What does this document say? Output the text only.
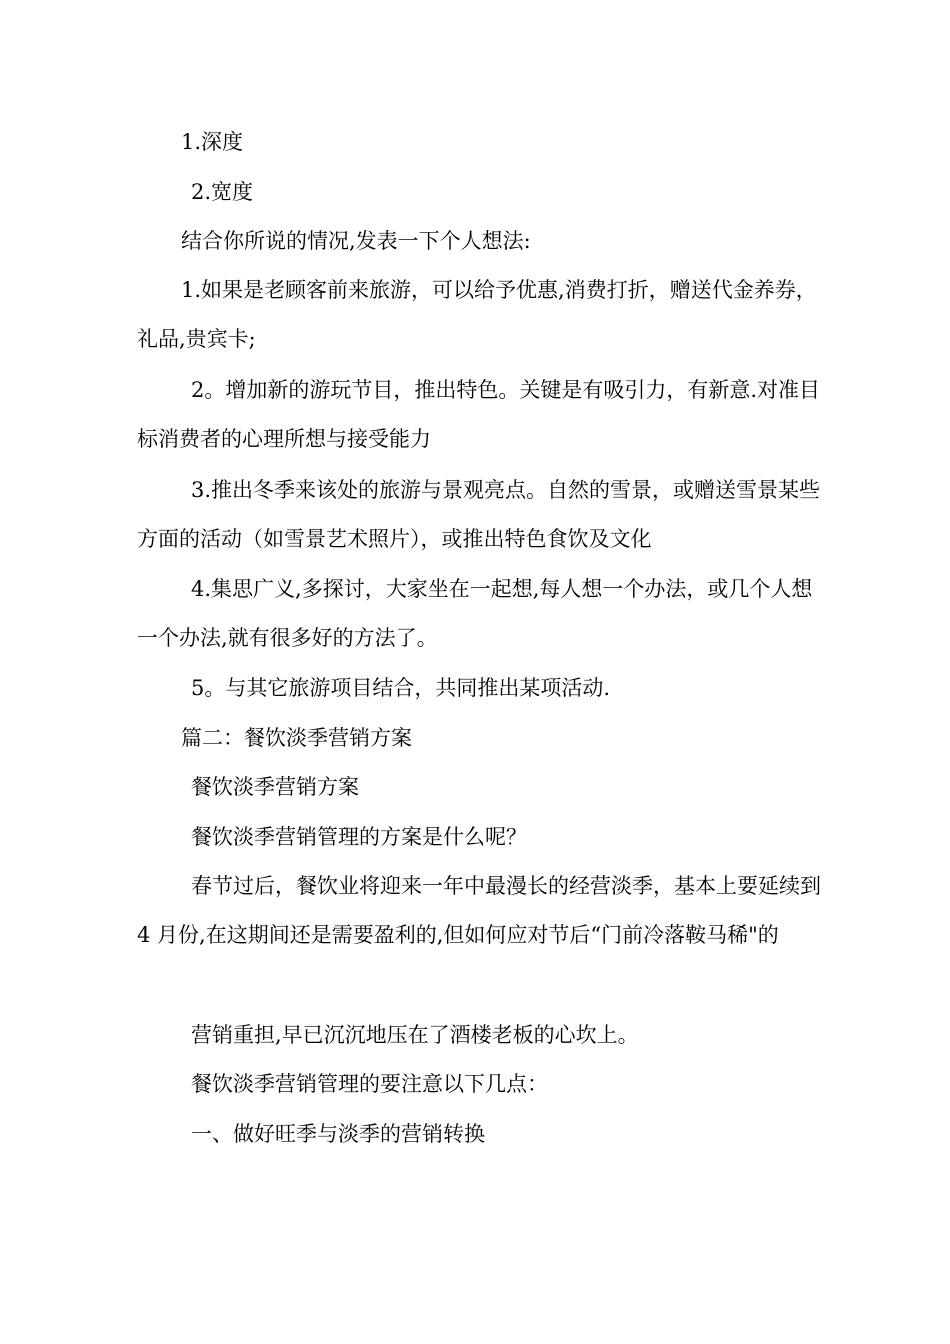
1.深度

2.宽度

结合你所说的情况,发表一下个人想法:

1.如果是老顾客前来旅游，可以给予优惠,消费打折，赠送代金养券，礼品,贵宾卡;

2。增加新的游玩节目，推出特色。关键是有吸引力，有新意.对准目标消费者的心理所想与接受能力

3.推出冬季来该处的旅游与景观亮点。自然的雪景，或赠送雪景某些方面的活动（如雪景艺术照片），或推出特色食饮及文化

4.集思广义,多探讨，大家坐在一起想,每人想一个办法，或几个人想一个办法,就有很多好的方法了。

5。与其它旅游项目结合，共同推出某项活动.

篇二：餐饮淡季营销方案

餐饮淡季营销方案

餐饮淡季营销管理的方案是什么呢？

春节过后，餐饮业将迎来一年中最漫长的经营淡季，基本上要延续到 4 月份,在这期间还是需要盈利的,但如何应对节后“门前冷落鞍马稀"的

营销重担,早已沉沉地压在了酒楼老板的心坎上。

餐饮淡季营销管理的要注意以下几点：

一、做好旺季与淡季的营销转换
